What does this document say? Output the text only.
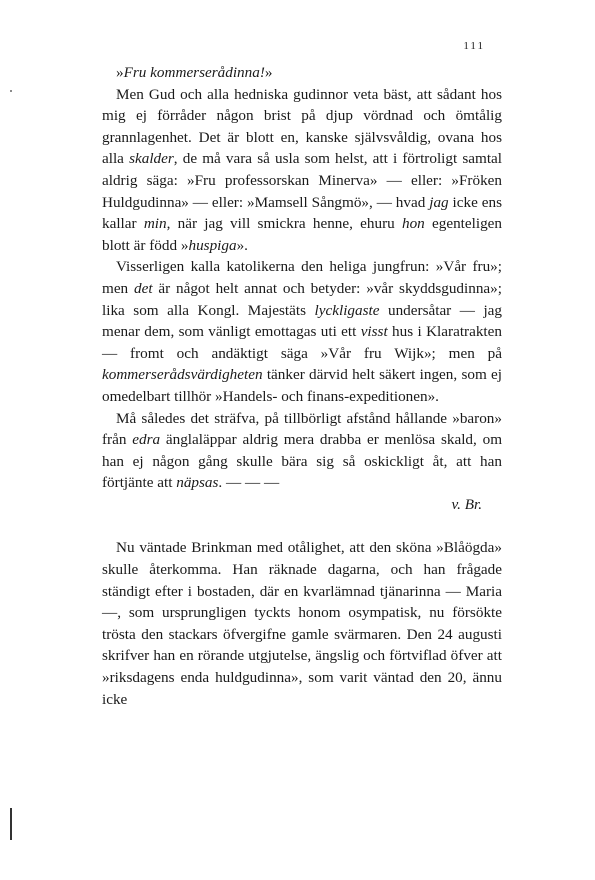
111

»Fru kommerserådinna!»

Men Gud och alla hedniska gudinnor veta bäst, att sådant hos mig ej förråder någon brist på djup vördnad och ömtålig grannlagenhet. Det är blott en, kanske självsvåldig, ovana hos alla skalder, de må vara så usla som helst, att i förtroligt samtal aldrig säga: »Fru professorskan Minerva» — eller: »Fröken Huldgudinna» — eller: »Mamsell Sångmö», — hvad jag icke ens kallar min, när jag vill smickra henne, ehuru hon egenteligen blott är född »huspiga».

Visserligen kalla katolikerna den heliga jungfrun: »Vår fru»; men det är något helt annat och betyder: »vår skyddsgudinna»; lika som alla Kongl. Majestäts lyckligaste undersåtar — jag menar dem, som vänligt emottagas uti ett visst hus i Klaratrakten — fromt och andäktigt säga »Vår fru Wijk»; men på kommerserådsvärdigheten tänker därvid helt säkert ingen, som ej omedelbart tillhör »Handels- och finans-expeditionen».

Må således det sträfva, på tillbörligt afstånd hållande »baron» från edra änglaläppar aldrig mera drabba er menlösa skald, om han ej någon gång skulle bära sig så oskickligt åt, att han förtjänte att näpsas. — — —

v. Br.

Nu väntade Brinkman med otålighet, att den sköna »Blåögda» skulle återkomma. Han räknade dagarna, och han frågade ständigt efter i bostaden, där en kvarlämnad tjänarinna — Maria —, som ursprungligen tyckts honom osympatisk, nu försökte trösta den stackars öfvergifne gamle svärmaren. Den 24 augusti skrifver han en rörande utgjutelse, ängslig och förtviflad öfver att »riksdagens enda huldgudinna», som varit väntad den 20, ännu icke
